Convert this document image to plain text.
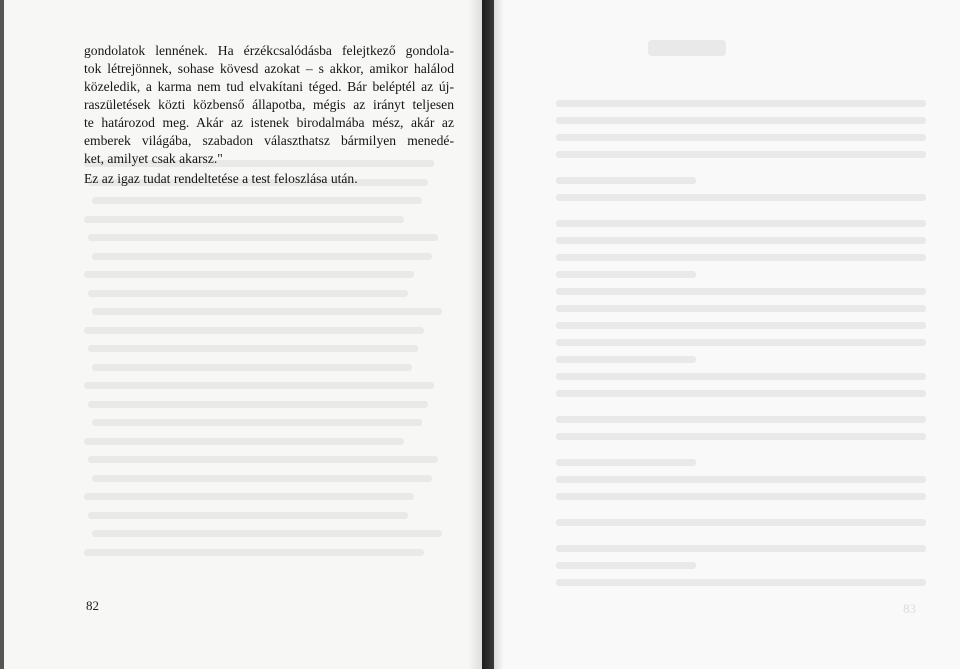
gondolatok lennének. Ha érzékcsalódásba felejtkező gondola-
tok létrejönnek, sohase kövesd azokat – s akkor, amikor halálod
közeledik, a karma nem tud elvakítani téged. Bár beléptél az új-
raszületések közti közbenső állapotba, mégis az irányt teljesen
te határozod meg. Akár az istenek birodalmába mész, akár az
emberek világába, szabadon választhatsz bármilyen menedé-
ket, amilyet csak akarsz."
Ez az igaz tudat rendeltetése a test feloszlása után.
82	83
